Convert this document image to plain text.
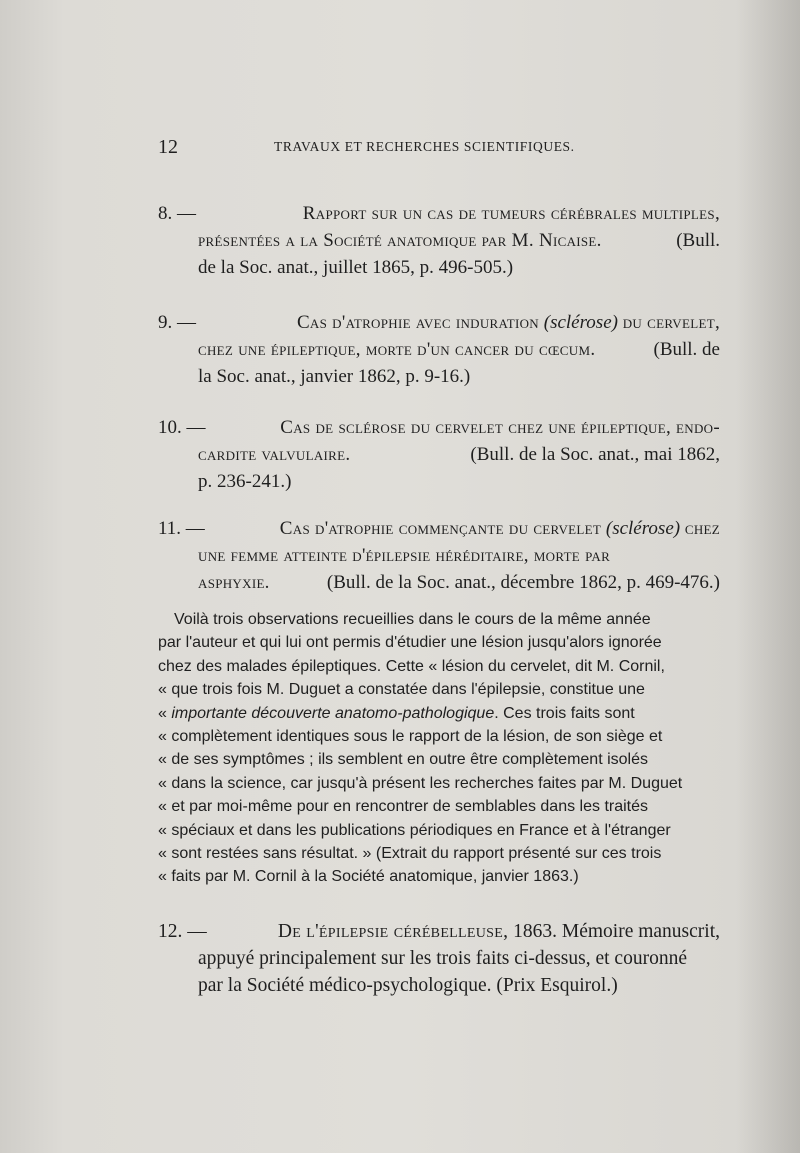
12	TRAVAUX ET RECHERCHES SCIENTIFIQUES.
8. —	Rapport sur un cas de tumeurs cérébrales multiples,
présentées a la Société anatomique par M. Nicaise.	(Bull.
de la Soc. anat., juillet 1865, p. 496-505.)
9. —	Cas d'atrophie avec induration (sclérose) du cervelet,
chez une épileptique, morte d'un cancer du cœcum.	(Bull. de
la Soc. anat., janvier 1862, p. 9-16.)
10. —	Cas de sclérose du cervelet chez une épileptique, endo-
cardite valvulaire.	(Bull. de la Soc. anat., mai 1862,
p. 236-241.)
11. —	Cas d'atrophie commençante du cervelet (sclérose) chez
une femme atteinte d'épilepsie héréditaire, morte par
asphyxie.	(Bull. de la Soc. anat., décembre 1862, p. 469-476.)
Voilà trois observations recueillies dans le cours de la même année
par l'auteur et qui lui ont permis d'étudier une lésion jusqu'alors ignorée
chez des malades épileptiques. Cette « lésion du cervelet, dit M. Cornil,
« que trois fois M. Duguet a constatée dans l'épilepsie, constitue une
« importante découverte anatomo-pathologique . Ces trois faits sont
« complètement identiques sous le rapport de la lésion, de son siège et
« de ses symptômes ; ils semblent en outre être complètement isolés
« dans la science, car jusqu'à présent les recherches faites par M. Duguet
« et par moi-même pour en rencontrer de semblables dans les traités
« spéciaux et dans les publications périodiques en France et à l'étranger
« sont restées sans résultat. » (Extrait du rapport présenté sur ces trois
« faits par M. Cornil à la Société anatomique, janvier 1863.)
12. —	De l'épilepsie cérébelleuse, 1863. Mémoire manuscrit,
appuyé principalement sur les trois faits ci-dessus, et couronné
par la Société médico-psychologique. (Prix Esquirol.)
